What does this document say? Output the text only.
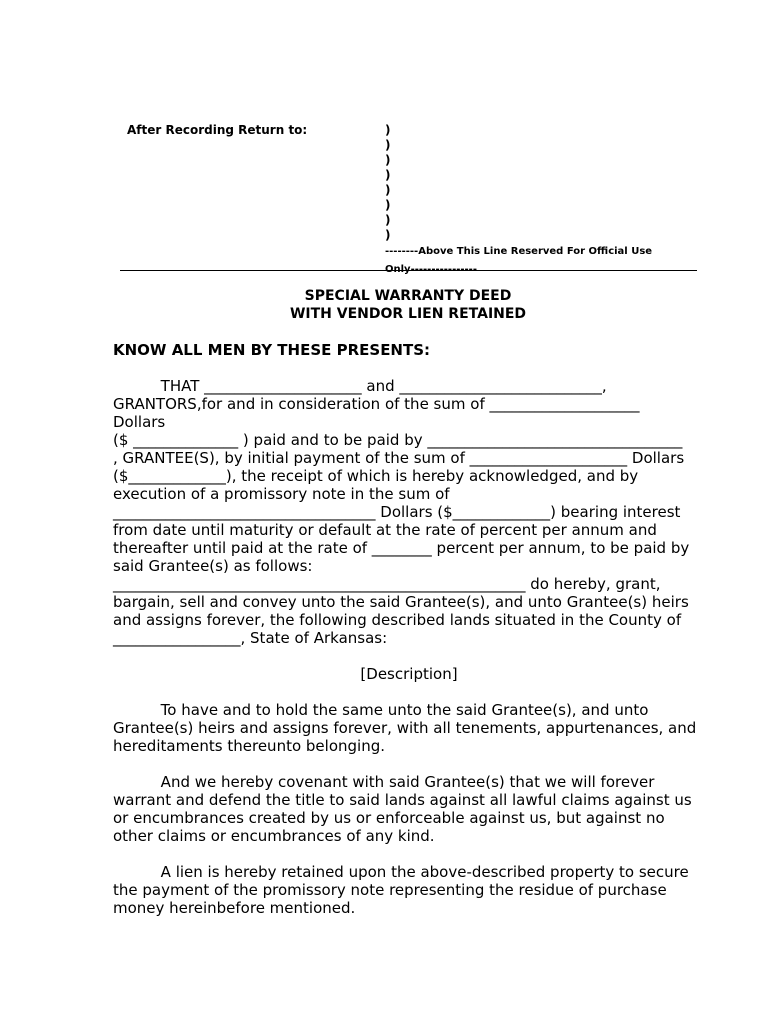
After Recording Return to:	)
)
)
)
)
)
)
)
--------Above This Line Reserved For Official Use
Only----------------
SPECIAL WARRANTY DEED
WITH VENDOR LIEN RETAINED
KNOW ALL MEN BY THESE PRESENTS:
THAT _____________________ and ___________________________,
GRANTORS,for and in consideration of the sum of ____________________
Dollars
($ ______________ ) paid and to be paid by __________________________________
, GRANTEE(S), by initial payment of the sum of _____________________ Dollars
($_____________), the receipt of which is hereby acknowledged, and by
execution of a promissory note in the sum of
___________________________________ Dollars ($_____________) bearing interest
from date until maturity or default at the rate of percent per annum and
thereafter until paid at the rate of ________ percent per annum, to be paid by
said Grantee(s) as follows:
_______________________________________________________ do hereby, grant,
bargain, sell and convey unto the said Grantee(s), and unto Grantee(s) heirs
and assigns forever, the following described lands situated in the County of
_________________, State of Arkansas:
[Description]
To have and to hold the same unto the said Grantee(s), and unto
Grantee(s) heirs and assigns forever, with all tenements, appurtenances, and
hereditaments thereunto belonging.
And we hereby covenant with said Grantee(s) that we will forever
warrant and defend the title to said lands against all lawful claims against us
or encumbrances created by us or enforceable against us, but against no
other claims or encumbrances of any kind.
A lien is hereby retained upon the above-described property to secure
the payment of the promissory note representing the residue of purchase
money hereinbefore mentioned.
